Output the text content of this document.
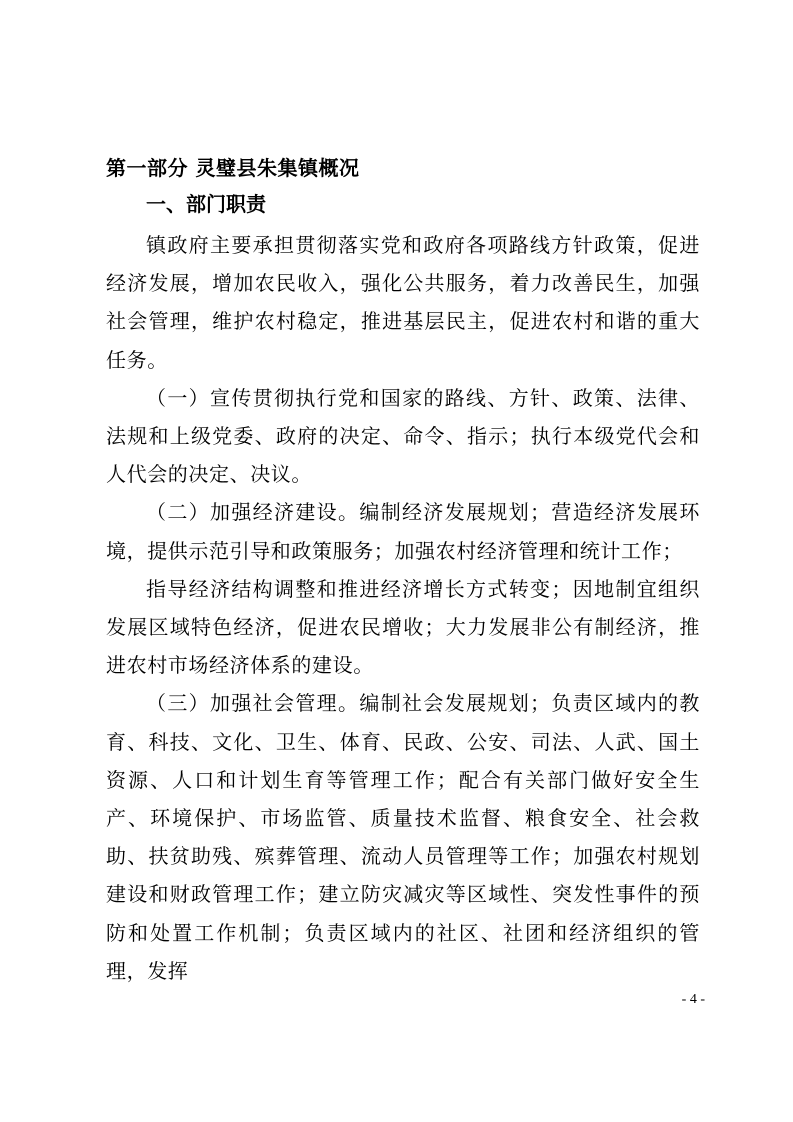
第一部分 灵璧县朱集镇概况
一、部门职责

镇政府主要承担贯彻落实党和政府各项路线方针政策，促进经济发展，增加农民收入，强化公共服务，着力改善民生，加强社会管理，维护农村稳定，推进基层民主，促进农村和谐的重大任务。

（一）宣传贯彻执行党和国家的路线、方针、政策、法律、法规和上级党委、政府的决定、命令、指示；执行本级党代会和人代会的决定、决议。

（二）加强经济建设。编制经济发展规划；营造经济发展环境，提供示范引导和政策服务；加强农村经济管理和统计工作；

指导经济结构调整和推进经济增长方式转变；因地制宜组织发展区域特色经济，促进农民增收；大力发展非公有制经济，推进农村市场经济体系的建设。

（三）加强社会管理。编制社会发展规划；负责区域内的教育、科技、文化、卫生、体育、民政、公安、司法、人武、国土资源、人口和计划生育等管理工作；配合有关部门做好安全生产、环境保护、市场监管、质量技术监督、粮食安全、社会救助、扶贫助残、殡葬管理、流动人员管理等工作；加强农村规划建设和财政管理工作；建立防灾减灾等区域性、突发性事件的预防和处置工作机制；负责区域内的社区、社团和经济组织的管理，发挥

- 4 -
